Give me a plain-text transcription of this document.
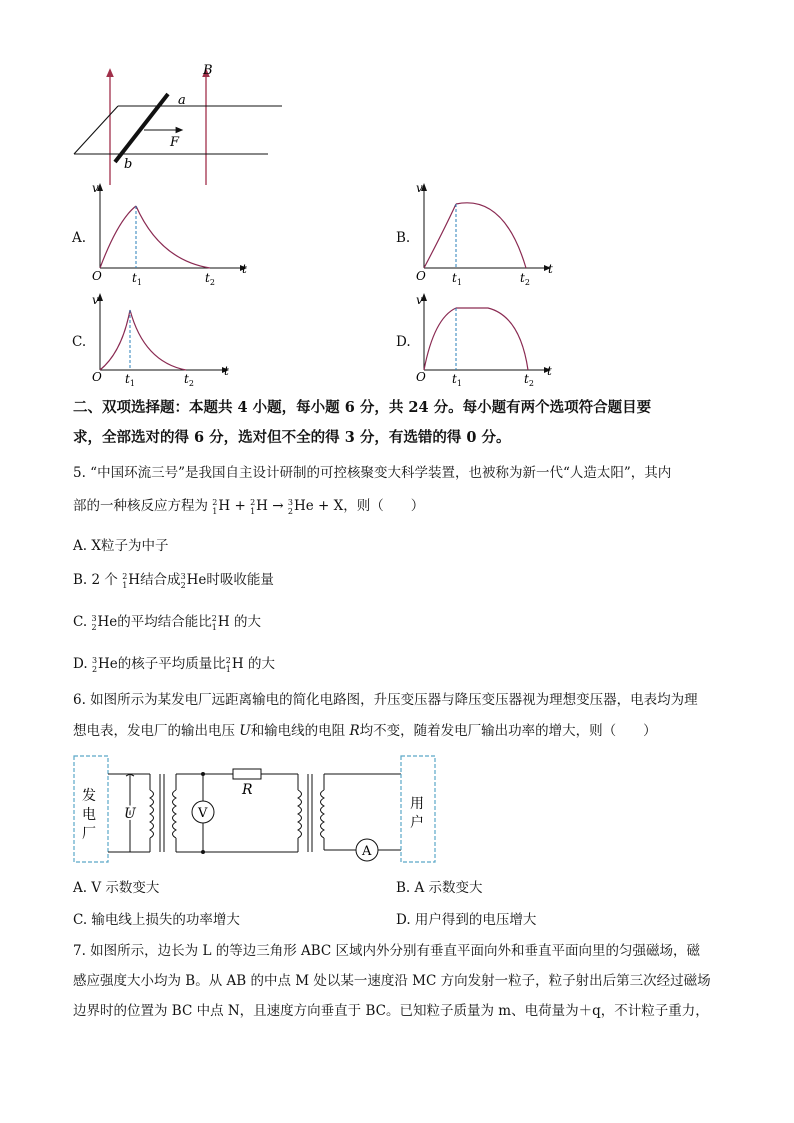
B
a
F
b
A.	B.
C.	D.
v
t
O	$t_1$	$t_2$
v
t
O $t_1$	$t_2$
v
t
O $t_1$	$t_2$
v
t
O $t_1$	$t_2$
二、双项选择题：本题共 4 小题，每小题 6 分，共 24 分。每小题有两个选项符合题目要
求，全部选对的得 6 分，选对但不全的得 3 分，有选错的得 0 分。
5. “中国环流三号”是我国自主设计研制的可控核聚变大科学装置，也被称为新一代“人造太阳”，其内
部的一种核反应方程为 2
1 H + 2
1 H → 3
2 He + X，则（　　）
A. X粒子为中子
B. 2 个 2
1 H结合成 3
2 He时吸收能量
C. 3
2 He的平均结合能比 2
1 H 的大
D. 3
2 He的核子平均质量比 2
1 H 的大
6. 如图所示为某发电厂远距离输电的简化电路图，升压变压器与降压变压器视为理想变压器，电表均为理
想电表，发电厂的输出电压 U和输电线的电阻 R均不变，随着发电厂输出功率的增大，则（　　）
发
电
厂
U
R
V
A
用
户
A. V 示数变大	B. A 示数变大
C. 输电线上损失的功率增大	D. 用户得到的电压增大
7. 如图所示，边长为 L 的等边三角形 ABC 区域内外分别有垂直平面向外和垂直平面向里的匀强磁场，磁
感应强度大小均为 B。从 AB 的中点 M 处以某一速度沿 MC 方向发射一粒子，粒子射出后第三次经过磁场
边界时的位置为 BC 中点 N，且速度方向垂直于 BC。已知粒子质量为 m、电荷量为＋q，不计粒子重力，
